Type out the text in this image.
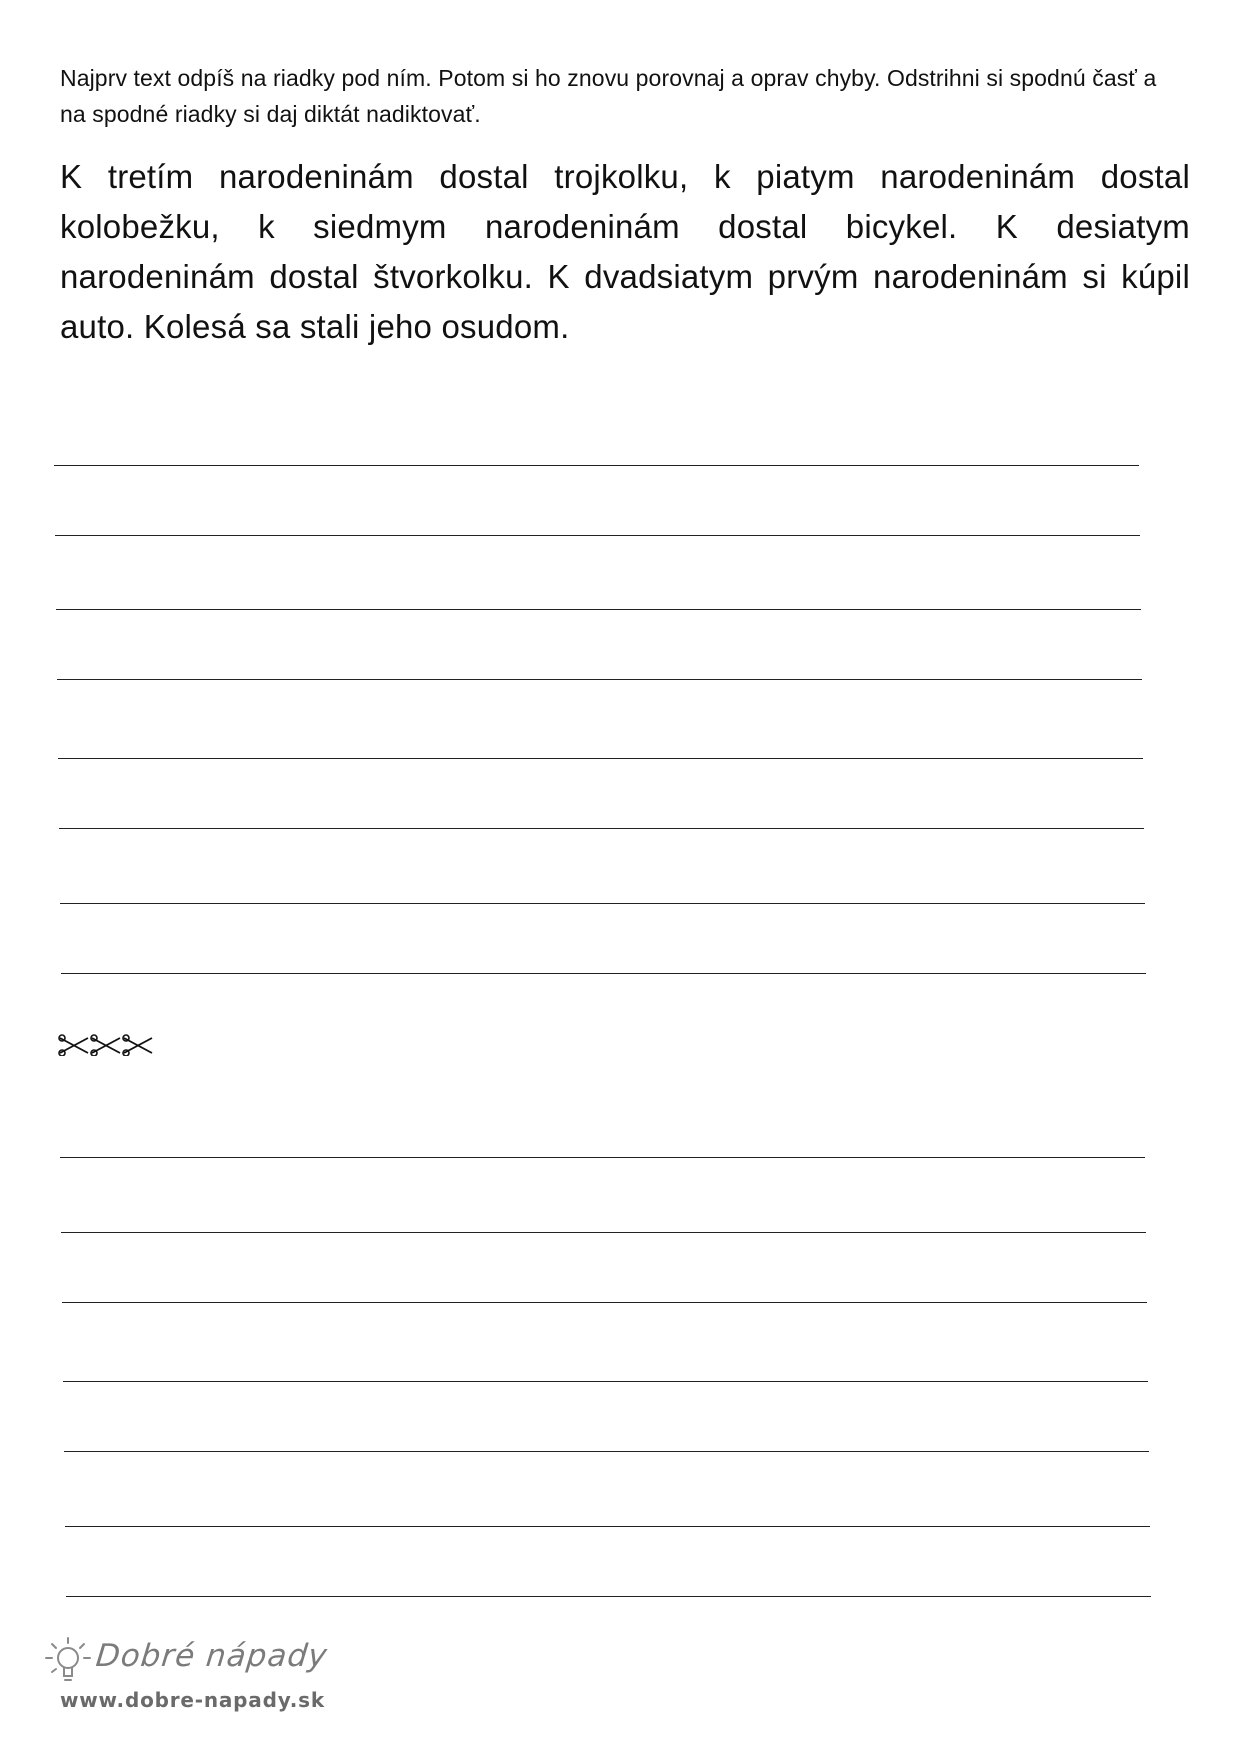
Najprv text odpíš na riadky pod ním. Potom si ho znovu porovnaj a oprav chyby. Odstrihni si spodnú časť a na spodné riadky si daj diktát nadiktovať.
K tretím narodeninám dostal trojkolku, k piatym narodeninám dostal kolobežku, k siedmym narodeninám dostal bicykel. K desiatym narodeninám dostal štvorkolku. K dvadsiatym prvým narodeninám si kúpil auto. Kolesá sa stali jeho osudom.
Dobré nápady
www.dobre-napady.sk
